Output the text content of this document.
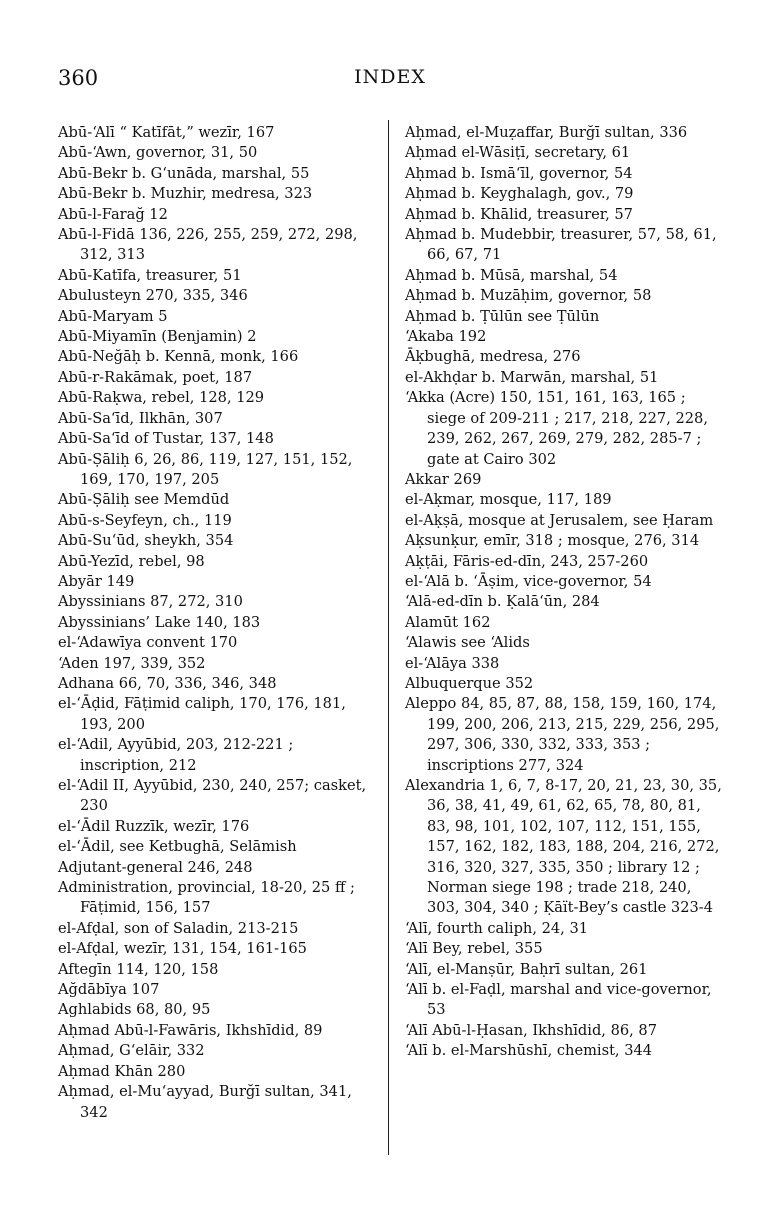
360	INDEX

Abū-‘Alī “ Katīfāt,” wezīr, 167

Abū-‘Awn, governor, 31, 50

Abū-Bekr b. G‘unāda, marshal, 55

Abū-Bekr b. Muzhir, medresa, 323

Abū-l-Farağ 12

Abū-l-Fidā 136, 226, 255, 259, 272, 298, 312, 313

Abū-Katīfa, treasurer, 51

Abulusteyn 270, 335, 346

Abū-Maryam 5

Abū-Miyamīn (Benjamin) 2

Abū-Neğāḥ b. Kennā, monk, 166

Abū-r-Rakāmak, poet, 187

Abū-Raḳwa, rebel, 128, 129

Abū-Sa‘īd, Ilkhān, 307

Abū-Sa‘īd of Tustar, 137, 148

Abū-Ṣāliḥ 6, 26, 86, 119, 127, 151, 152, 169, 170, 197, 205

Abū-Ṣāliḥ see Memdūd

Abū-s-Seyfeyn, ch., 119

Abū-Su‘ūd, sheykh, 354

Abū-Yezīd, rebel, 98

Abyār 149

Abyssinians 87, 272, 310

Abyssinians’ Lake 140, 183

el-‘Adawīya convent 170

‘Aden 197, 339, 352

Adhana 66, 70, 336, 346, 348

el-‘Āḍid, Fāṭimid caliph, 170, 176, 181, 193, 200

el-‘Adil, Ayyūbid, 203, 212-221 ; inscription, 212

el-‘Adil II, Ayyūbid, 230, 240, 257; casket, 230

el-‘Ādil Ruzzīk, wezīr, 176

el-‘Ādil, see Ketbughā, Selāmish

Adjutant-general 246, 248

Administration, provincial, 18-20, 25 ff ; Fāṭimid, 156, 157

el-Afḍal, son of Saladin, 213-215

el-Afḍal, wezīr, 131, 154, 161-165

Aftegīn 114, 120, 158

Ağdābīya 107

Aghlabids 68, 80, 95

Aḥmad Abū-l-Fawāris, Ikhshīdid, 89

Aḥmad, G‘elāir, 332

Aḥmad Khān 280

Aḥmad, el-Mu‘ayyad, Burğī sultan, 341, 342

Aḥmad, el-Muẓaffar, Burğī sultan, 336

Aḥmad el-Wāsiṭī, secretary, 61

Aḥmad b. Ismā‘īl, governor, 54

Aḥmad b. Keyghalagh, gov., 79

Aḥmad b. Khālid, treasurer, 57

Aḥmad b. Mudebbir, treasurer, 57, 58, 61, 66, 67, 71

Aḥmad b. Mūsā, marshal, 54

Aḥmad b. Muzāḥim, governor, 58

Aḥmad b. Ṭūlūn see Ṭūlūn

‘Akaba 192

Āḳbughā, medresa, 276

el-Akhḍar b. Marwān, marshal, 51

‘Akka (Acre) 150, 151, 161, 163, 165 ; siege of 209-211 ; 217, 218, 227, 228, 239, 262, 267, 269, 279, 282, 285-7 ; gate at Cairo 302

Akkar 269

el-Aḳmar, mosque, 117, 189

el-Aḳṣā, mosque at Jerusalem, see Ḥaram

Aḳsunḳur, emīr, 318 ; mosque, 276, 314

Aḳṭāi, Fāris-ed-dīn, 243, 257-260

el-‘Alā b. ‘Āṣim, vice-governor, 54

‘Alā-ed-dīn b. Ḳalā‘ūn, 284

Alamūt 162

‘Alawis see ‘Alids

el-‘Alāya 338

Albuquerque 352

Aleppo 84, 85, 87, 88, 158, 159, 160, 174, 199, 200, 206, 213, 215, 229, 256, 295, 297, 306, 330, 332, 333, 353 ; inscriptions 277, 324

Alexandria 1, 6, 7, 8-17, 20, 21, 23, 30, 35, 36, 38, 41, 49, 61, 62, 65, 78, 80, 81, 83, 98, 101, 102, 107, 112, 151, 155, 157, 162, 182, 183, 188, 204, 216, 272, 316, 320, 327, 335, 350 ; library 12 ; Norman siege 198 ; trade 218, 240, 303, 304, 340 ; Ḳāït-Bey’s castle 323-4

‘Alī, fourth caliph, 24, 31

‘Alī Bey, rebel, 355

‘Alī, el-Manṣūr, Baḥrī sultan, 261

‘Alī b. el-Faḍl, marshal and vice-governor, 53

‘Alī Abū-l-Ḥasan, Ikhshīdid, 86, 87

‘Alī b. el-Marshūshī, chemist, 344
